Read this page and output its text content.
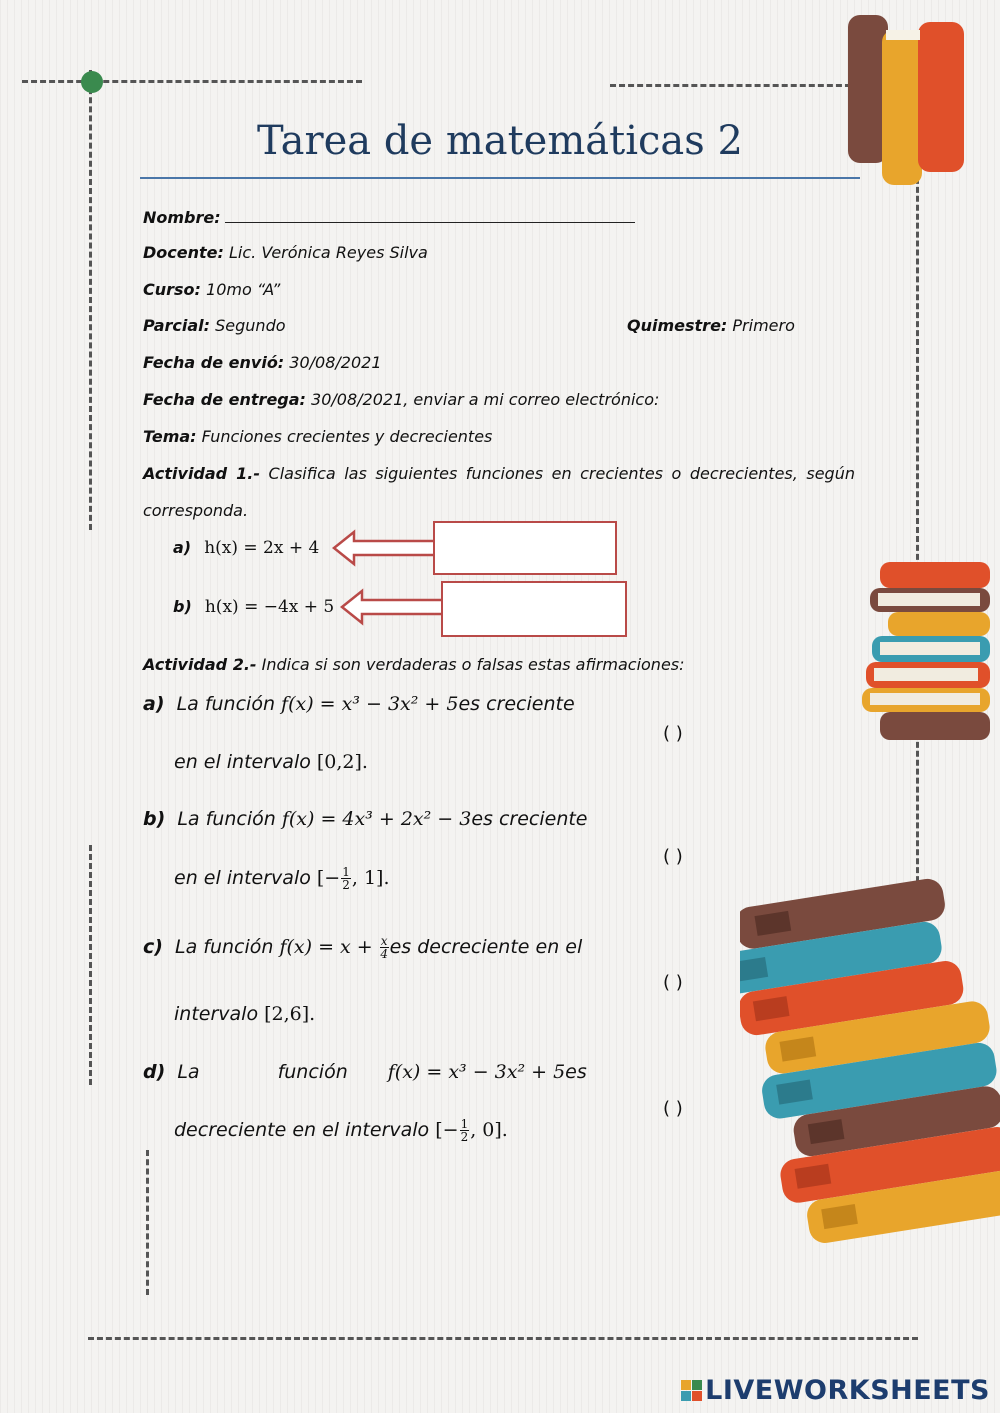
Tarea de matemáticas 2
Nombre:
Docente: Lic. Verónica Reyes Silva
Curso: 10mo “A”
Parcial: Segundo	Quimestre: Primero
Fecha de envió: 30/08/2021
Fecha de entrega: 30/08/2021, enviar a mi correo electrónico:
Tema: Funciones crecientes y decrecientes
Actividad 1.- Clasifica las siguientes funciones en crecientes o decrecientes, según
corresponda.
a) h(x) = 2x + 4
b) h(x) = −4x + 5
Actividad 2.- Indica si son verdaderas o falsas estas afirmaciones:
a) La función f(x) = x³ − 3x² + 5es creciente
en el intervalo [0,2].
( )
b) La función f(x) = 4x³ + 2x² − 3es creciente
en el intervalo [− $\frac{1}{2}$ , 1].
( )
c) La función $f(x) = x + \frac{x}{4}$ es decreciente en el
intervalo [2,6].
( )
d) La	función f(x) = x³ − 3x² + 5es
decreciente en el intervalo [− $\frac{1}{2}$ , 0].
( )
LIVEWORKSHEETS
